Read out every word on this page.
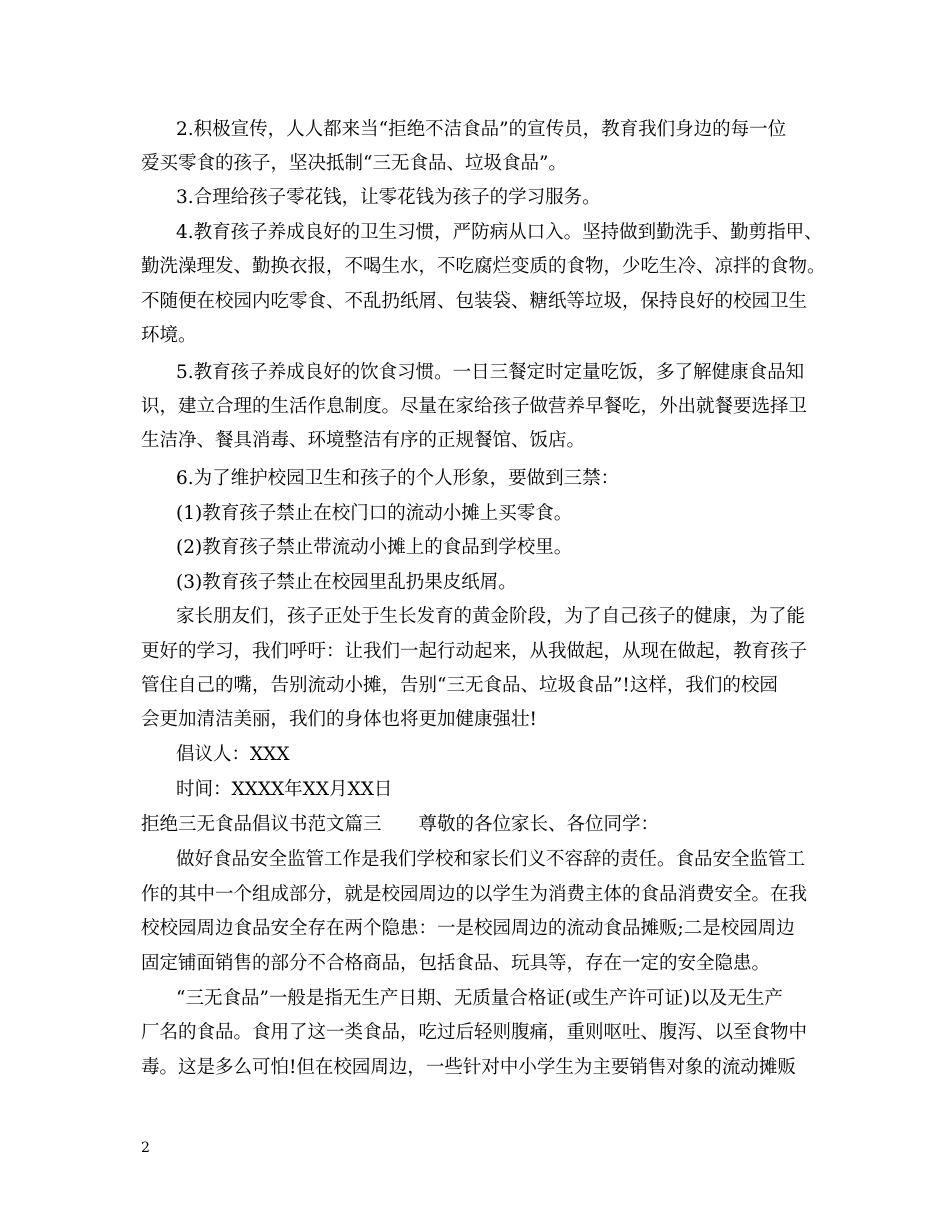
2.积极宣传，人人都来当“拒绝不洁食品”的宣传员，教育我们身边的每一位
爱买零食的孩子，坚决抵制“三无食品、垃圾食品”。
3.合理给孩子零花钱，让零花钱为孩子的学习服务。
4.教育孩子养成良好的卫生习惯，严防病从口入。坚持做到勤洗手、勤剪指甲、
勤洗澡理发、勤换衣报，不喝生水，不吃腐烂变质的食物，少吃生冷、凉拌的食物。
不随便在校园内吃零食、不乱扔纸屑、包装袋、糖纸等垃圾，保持良好的校园卫生
环境。
5.教育孩子养成良好的饮食习惯。一日三餐定时定量吃饭，多了解健康食品知
识，建立合理的生活作息制度。尽量在家给孩子做营养早餐吃，外出就餐要选择卫
生洁净、餐具消毒、环境整洁有序的正规餐馆、饭店。
6.为了维护校园卫生和孩子的个人形象，要做到三禁：
(1)教育孩子禁止在校门口的流动小摊上买零食。
(2)教育孩子禁止带流动小摊上的食品到学校里。
(3)教育孩子禁止在校园里乱扔果皮纸屑。
家长朋友们，孩子正处于生长发育的黄金阶段，为了自己孩子的健康，为了能
更好的学习，我们呼吁：让我们一起行动起来，从我做起，从现在做起，教育孩子
管住自己的嘴，告别流动小摊，告别“三无食品、垃圾食品”!这样，我们的校园
会更加清洁美丽，我们的身体也将更加健康强壮!
倡议人：XXX
时间：XXXX年XX月XX日
拒绝三无食品倡议书范文篇三　　尊敬的各位家长、各位同学：
做好食品安全监管工作是我们学校和家长们义不容辞的责任。食品安全监管工
作的其中一个组成部分，就是校园周边的以学生为消费主体的食品消费安全。在我
校校园周边食品安全存在两个隐患：一是校园周边的流动食品摊贩;二是校园周边
固定铺面销售的部分不合格商品，包括食品、玩具等，存在一定的安全隐患。
“三无食品”一般是指无生产日期、无质量合格证(或生产许可证)以及无生产
厂名的食品。食用了这一类食品，吃过后轻则腹痛，重则呕吐、腹泻、以至食物中
毒。这是多么可怕!但在校园周边，一些针对中小学生为主要销售对象的流动摊贩
2
